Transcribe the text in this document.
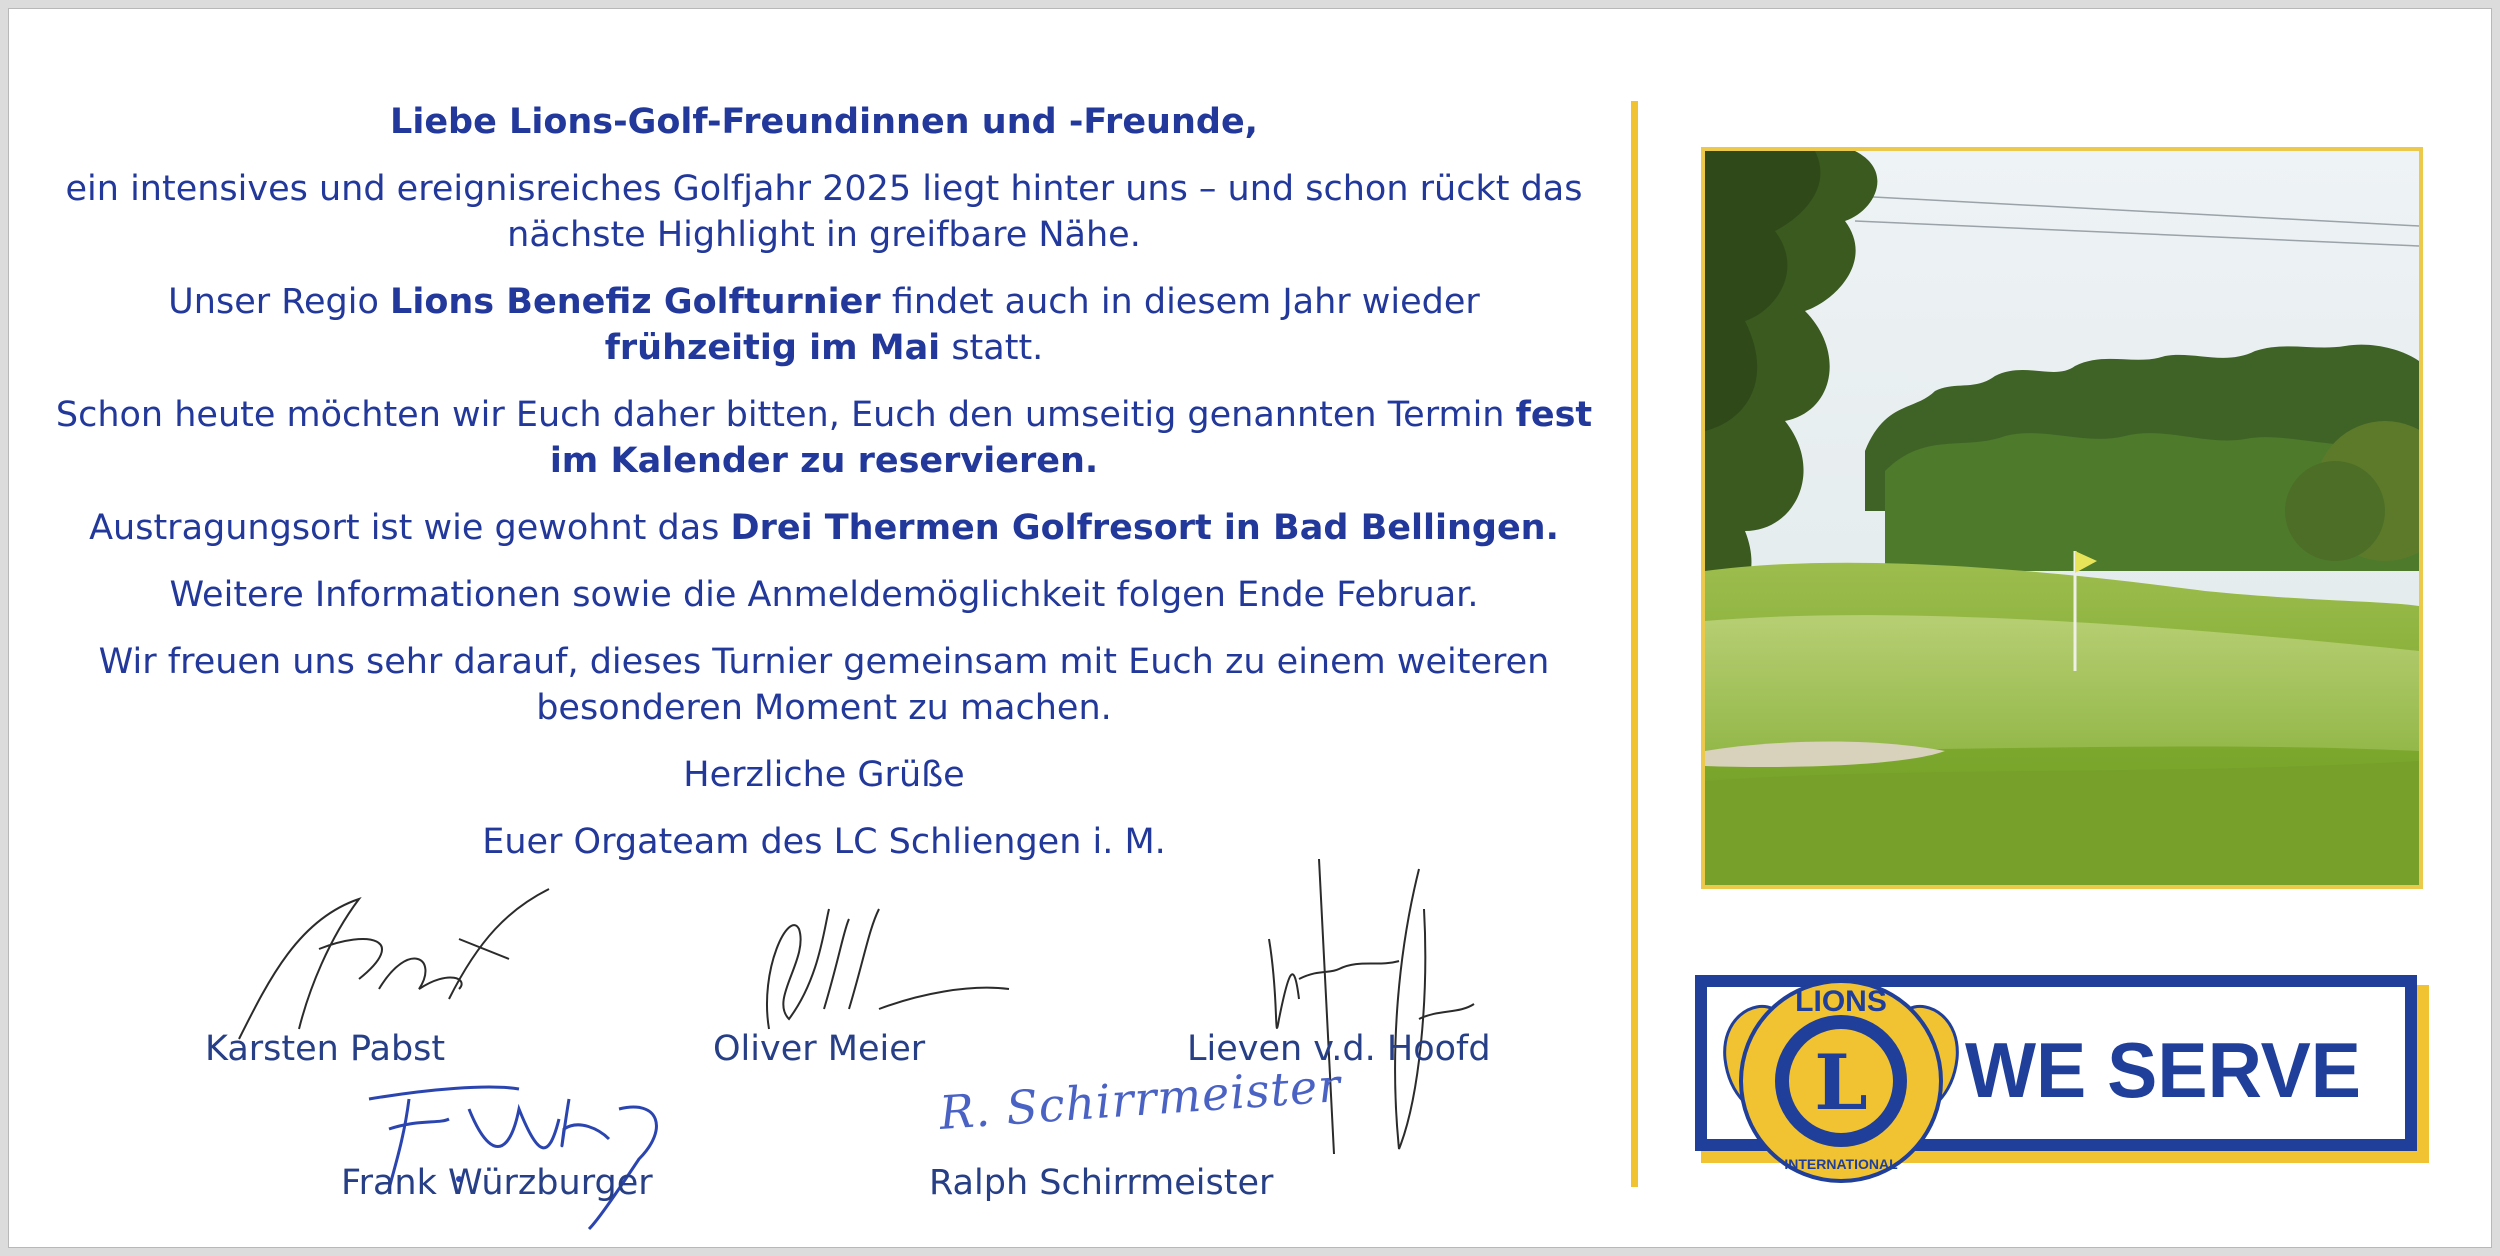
Liebe Lions-Golf-Freundinnen und -Freunde,

ein intensives und ereignisreiches Golfjahr 2025 liegt hinter uns – und schon rückt das nächste Highlight in greifbare Nähe.

Unser Regio Lions Benefiz Golfturnier findet auch in diesem Jahr wieder
frühzeitig im Mai statt.

Schon heute möchten wir Euch daher bitten, Euch den umseitig genannten Termin fest im Kalender zu reservieren.

Austragungsort ist wie gewohnt das Drei Thermen Golfresort in Bad Bellingen.

Weitere Informationen sowie die Anmeldemöglichkeit folgen Ende Februar.

Wir freuen uns sehr darauf, dieses Turnier gemeinsam mit Euch zu einem weiteren besonderen Moment zu machen.

Herzliche Grüße

Euer Orgateam des LC Schliengen i. M.

R. Schirrmeister
Karsten Pabst	Oliver Meier	Lieven v.d. Hoofd
Frank Würzburger	Ralph Schirrmeister
L
LIONS
INTERNATIONAL
WE SERVE
